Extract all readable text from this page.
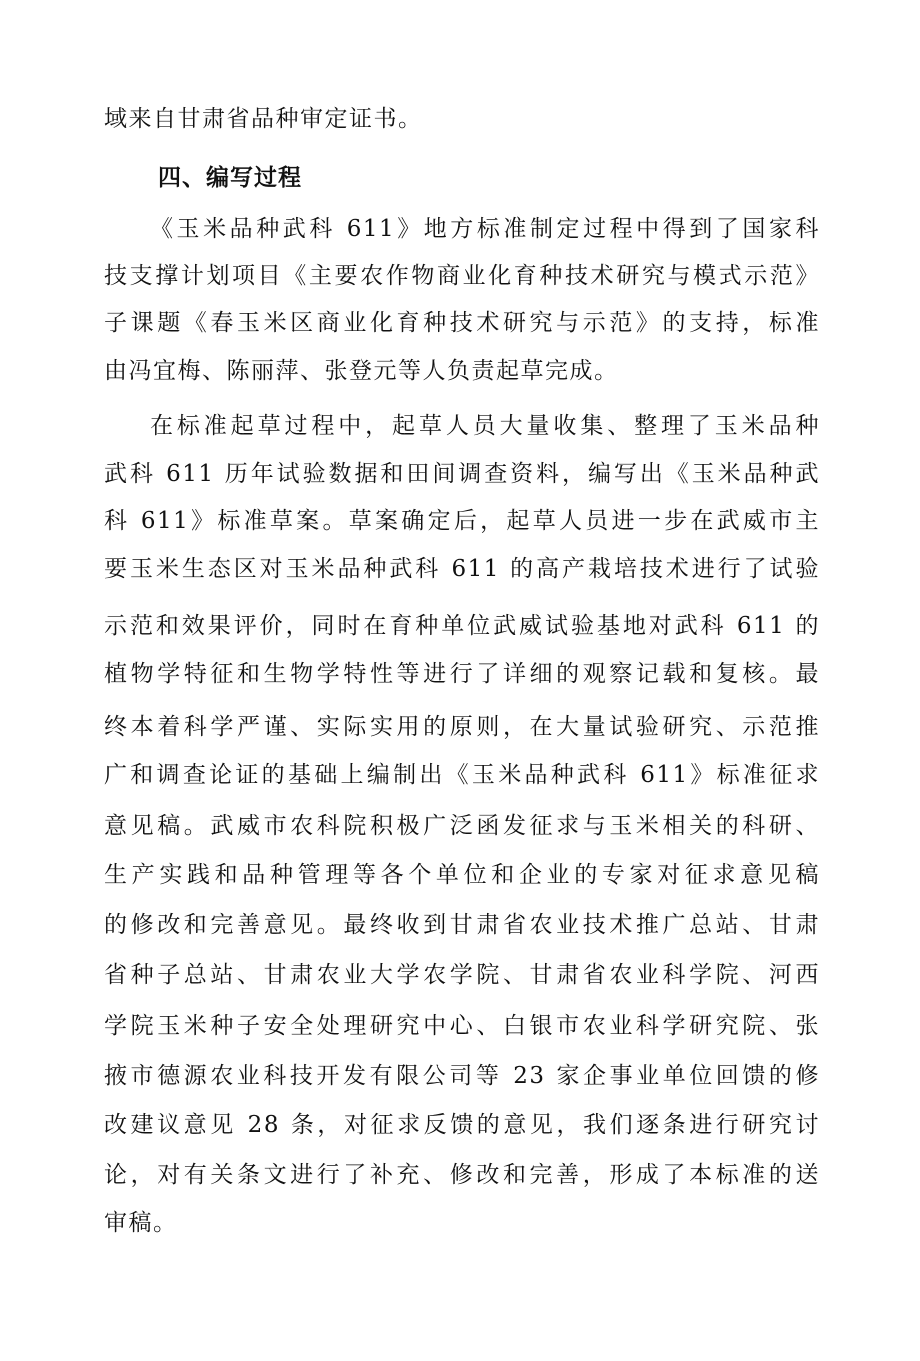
域来自甘肃省品种审定证书。
四、编写过程
《玉米品种武科 611》地方标准制定过程中得到了国家科
技支撑计划项目《主要农作物商业化育种技术研究与模式示范》
子课题《春玉米区商业化育种技术研究与示范》的支持，标准
由冯宜梅、陈丽萍、张登元等人负责起草完成。
在标准起草过程中，起草人员大量收集、整理了玉米品种
武科 611 历年试验数据和田间调查资料，编写出《玉米品种武
科 611》标准草案。草案确定后，起草人员进一步在武威市主
要玉米生态区对玉米品种武科 611 的高产栽培技术进行了试验
示范和效果评价，同时在育种单位武威试验基地对武科 611 的
植物学特征和生物学特性等进行了详细的观察记载和复核。最
终本着科学严谨、实际实用的原则，在大量试验研究、示范推
广和调查论证的基础上编制出《玉米品种武科 611》标准征求
意见稿。武威市农科院积极广泛函发征求与玉米相关的科研、
生产实践和品种管理等各个单位和企业的专家对征求意见稿
的修改和完善意见。最终收到甘肃省农业技术推广总站、甘肃
省种子总站、甘肃农业大学农学院、甘肃省农业科学院、河西
学院玉米种子安全处理研究中心、白银市农业科学研究院、张
掖市德源农业科技开发有限公司等 23 家企事业单位回馈的修
改建议意见 28 条，对征求反馈的意见，我们逐条进行研究讨
论，对有关条文进行了补充、修改和完善，形成了本标准的送
审稿。
